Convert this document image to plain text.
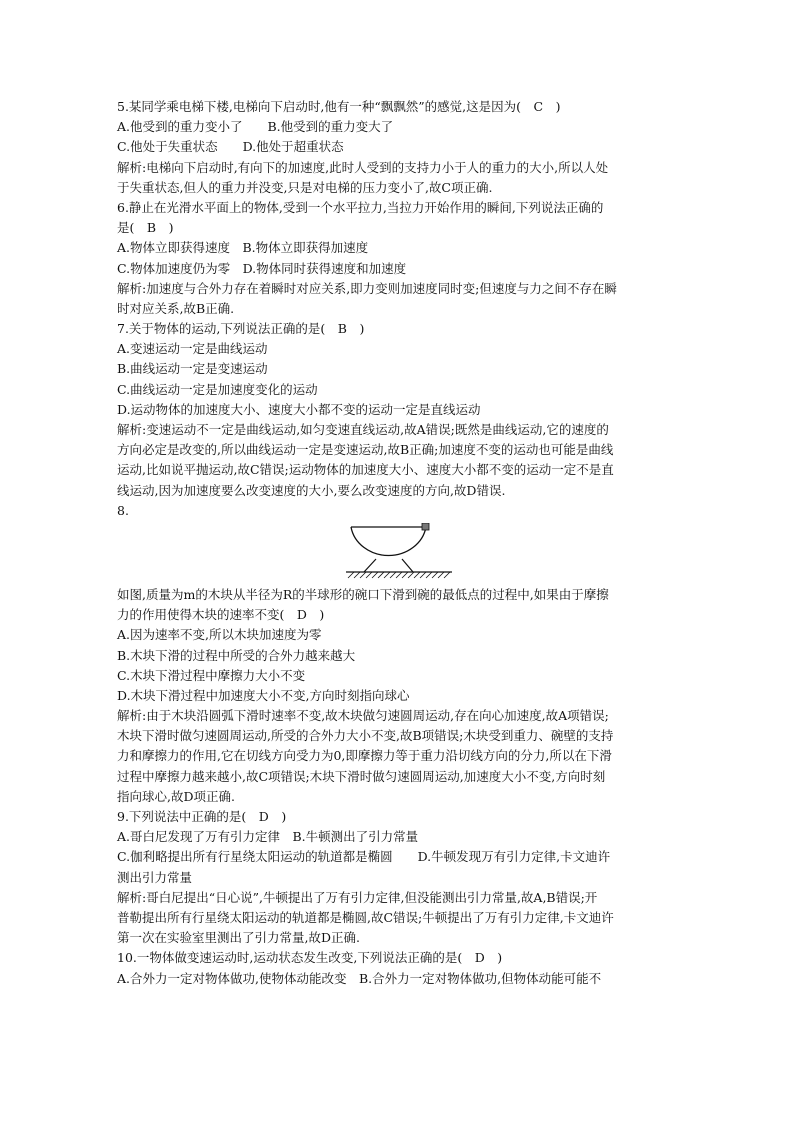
5.某同学乘电梯下楼,电梯向下启动时,他有一种“飘飘然”的感觉,这是因为(　C　)
A.他受到的重力变小了　　B.他受到的重力变大了
C.他处于失重状态　　D.他处于超重状态
解析:电梯向下启动时,有向下的加速度,此时人受到的支持力小于人的重力的大小,所以人处
于失重状态,但人的重力并没变,只是对电梯的压力变小了,故C项正确.
6.静止在光滑水平面上的物体,受到一个水平拉力,当拉力开始作用的瞬间,下列说法正确的
是(　B　)
A.物体立即获得速度　B.物体立即获得加速度
C.物体加速度仍为零　D.物体同时获得速度和加速度
解析:加速度与合外力存在着瞬时对应关系,即力变则加速度同时变;但速度与力之间不存在瞬
时对应关系,故B正确.
7.关于物体的运动,下列说法正确的是(　B　)
A.变速运动一定是曲线运动
B.曲线运动一定是变速运动
C.曲线运动一定是加速度变化的运动
D.运动物体的加速度大小、速度大小都不变的运动一定是直线运动
解析:变速运动不一定是曲线运动,如匀变速直线运动,故A错误;既然是曲线运动,它的速度的
方向必定是改变的,所以曲线运动一定是变速运动,故B正确;加速度不变的运动也可能是曲线
运动,比如说平抛运动,故C错误;运动物体的加速度大小、速度大小都不变的运动一定不是直
线运动,因为加速度要么改变速度的大小,要么改变速度的方向,故D错误.
8.
如图,质量为m的木块从半径为R的半球形的碗口下滑到碗的最低点的过程中,如果由于摩擦
力的作用使得木块的速率不变(　D　)
A.因为速率不变,所以木块加速度为零
B.木块下滑的过程中所受的合外力越来越大
C.木块下滑过程中摩擦力大小不变
D.木块下滑过程中加速度大小不变,方向时刻指向球心
解析:由于木块沿圆弧下滑时速率不变,故木块做匀速圆周运动,存在向心加速度,故A项错误;
木块下滑时做匀速圆周运动,所受的合外力大小不变,故B项错误;木块受到重力、碗壁的支持
力和摩擦力的作用,它在切线方向受力为0,即摩擦力等于重力沿切线方向的分力,所以在下滑
过程中摩擦力越来越小,故C项错误;木块下滑时做匀速圆周运动,加速度大小不变,方向时刻
指向球心,故D项正确.
9.下列说法中正确的是(　D　)
A.哥白尼发现了万有引力定律　B.牛顿测出了引力常量
C.伽利略提出所有行星绕太阳运动的轨道都是椭圆　　D.牛顿发现万有引力定律,卡文迪许
测出引力常量
解析:哥白尼提出“日心说”,牛顿提出了万有引力定律,但没能测出引力常量,故A,B错误;开
普勒提出所有行星绕太阳运动的轨道都是椭圆,故C错误;牛顿提出了万有引力定律,卡文迪许
第一次在实验室里测出了引力常量,故D正确.
10.一物体做变速运动时,运动状态发生改变,下列说法正确的是(　D　)
A.合外力一定对物体做功,使物体动能改变　B.合外力一定对物体做功,但物体动能可能不
